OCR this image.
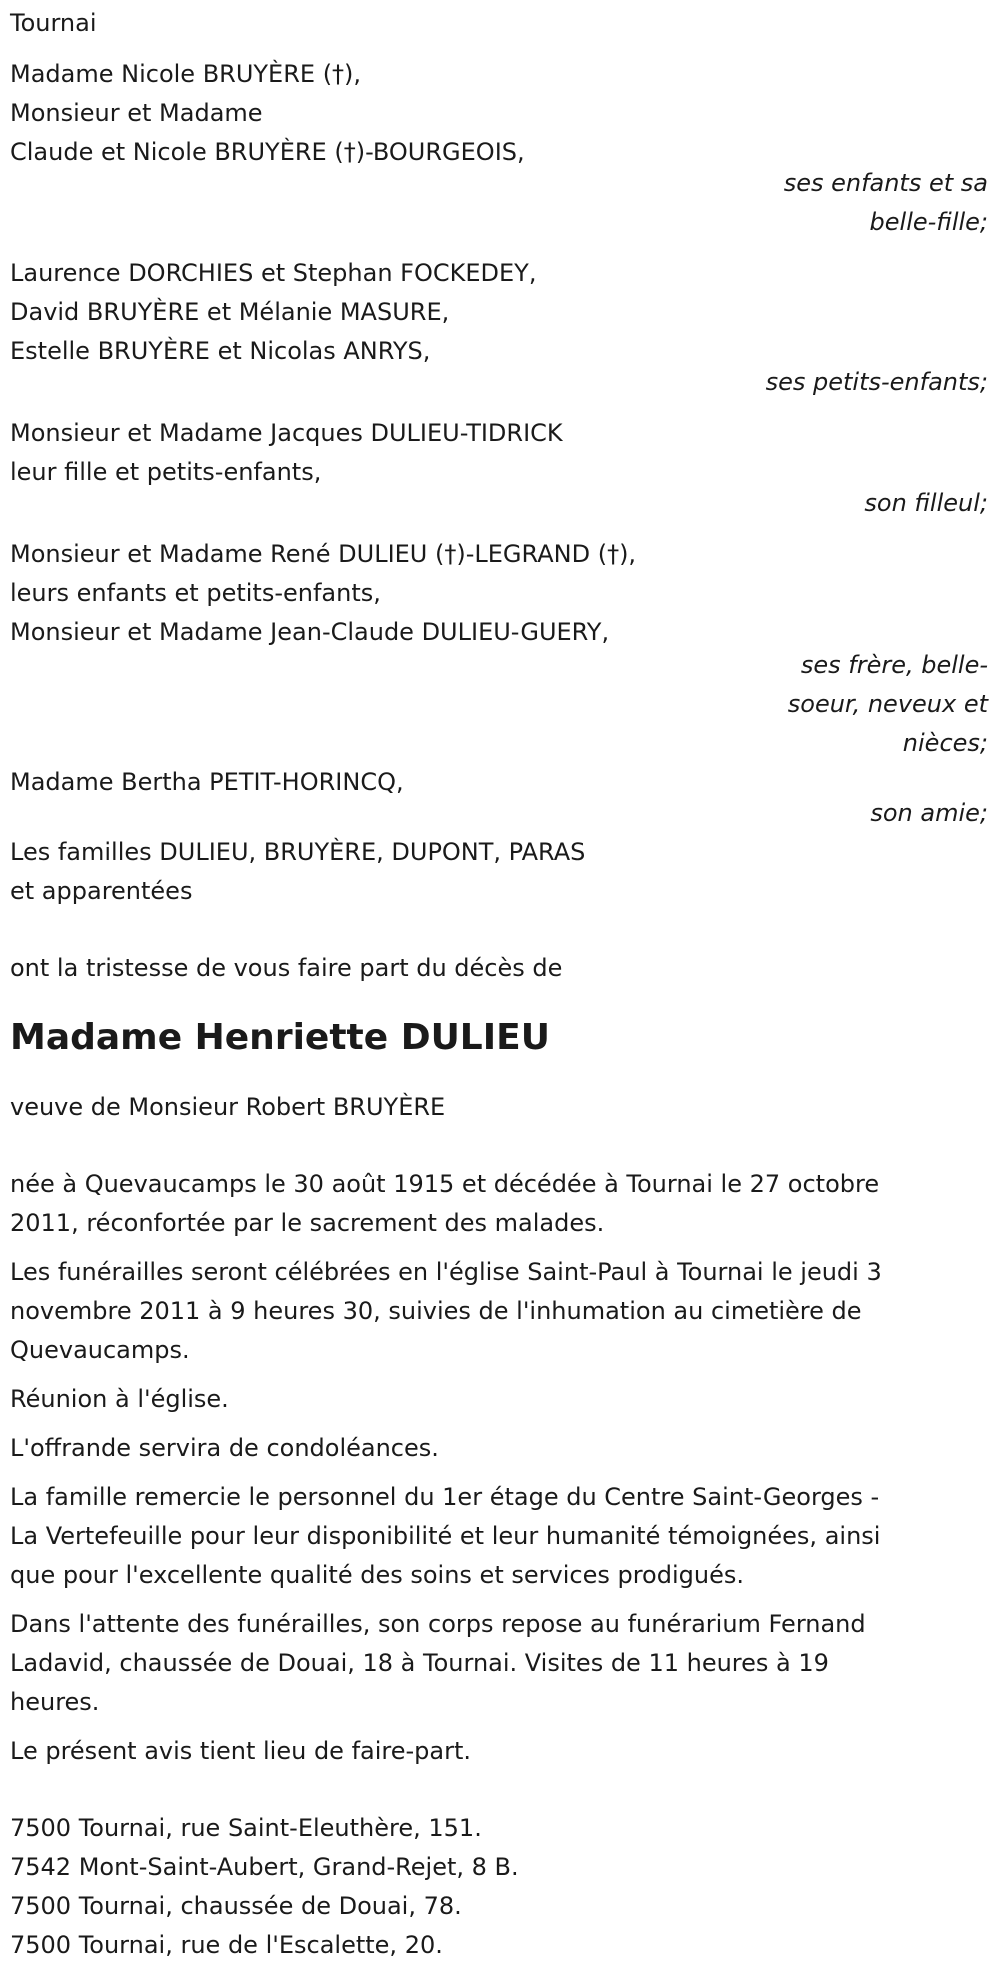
Tournai
Madame Nicole BRUYÈRE (†),
Monsieur et Madame
Claude et Nicole BRUYÈRE (†)-BOURGEOIS,
ses enfants et sa
belle-fille;
Laurence DORCHIES et Stephan FOCKEDEY,
David BRUYÈRE et Mélanie MASURE,
Estelle BRUYÈRE et Nicolas ANRYS,
ses petits-enfants;
Monsieur et Madame Jacques DULIEU-TIDRICK
leur fille et petits-enfants,
son filleul;
Monsieur et Madame René DULIEU (†)-LEGRAND (†),
leurs enfants et petits-enfants,
Monsieur et Madame Jean-Claude DULIEU-GUERY,
ses frère, belle-
soeur, neveux et
nièces;
Madame Bertha PETIT-HORINCQ,
son amie;
Les familles DULIEU, BRUYÈRE, DUPONT, PARAS
et apparentées
ont la tristesse de vous faire part du décès de
Madame Henriette DULIEU
veuve de Monsieur Robert BRUYÈRE
née à Quevaucamps le 30 août 1915 et décédée à Tournai le 27 octobre
2011, réconfortée par le sacrement des malades.
Les funérailles seront célébrées en l'église Saint-Paul à Tournai le jeudi 3
novembre 2011 à 9 heures 30, suivies de l'inhumation au cimetière de
Quevaucamps.
Réunion à l'église.
L'offrande servira de condoléances.
La famille remercie le personnel du 1er étage du Centre Saint-Georges -
La Vertefeuille pour leur disponibilité et leur humanité témoignées, ainsi
que pour l'excellente qualité des soins et services prodigués.
Dans l'attente des funérailles, son corps repose au funérarium Fernand
Ladavid, chaussée de Douai, 18 à Tournai. Visites de 11 heures à 19
heures.
Le présent avis tient lieu de faire-part.
7500 Tournai, rue Saint-Eleuthère, 151.
7542 Mont-Saint-Aubert, Grand-Rejet, 8 B.
7500 Tournai, chaussée de Douai, 78.
7500 Tournai, rue de l'Escalette, 20.
